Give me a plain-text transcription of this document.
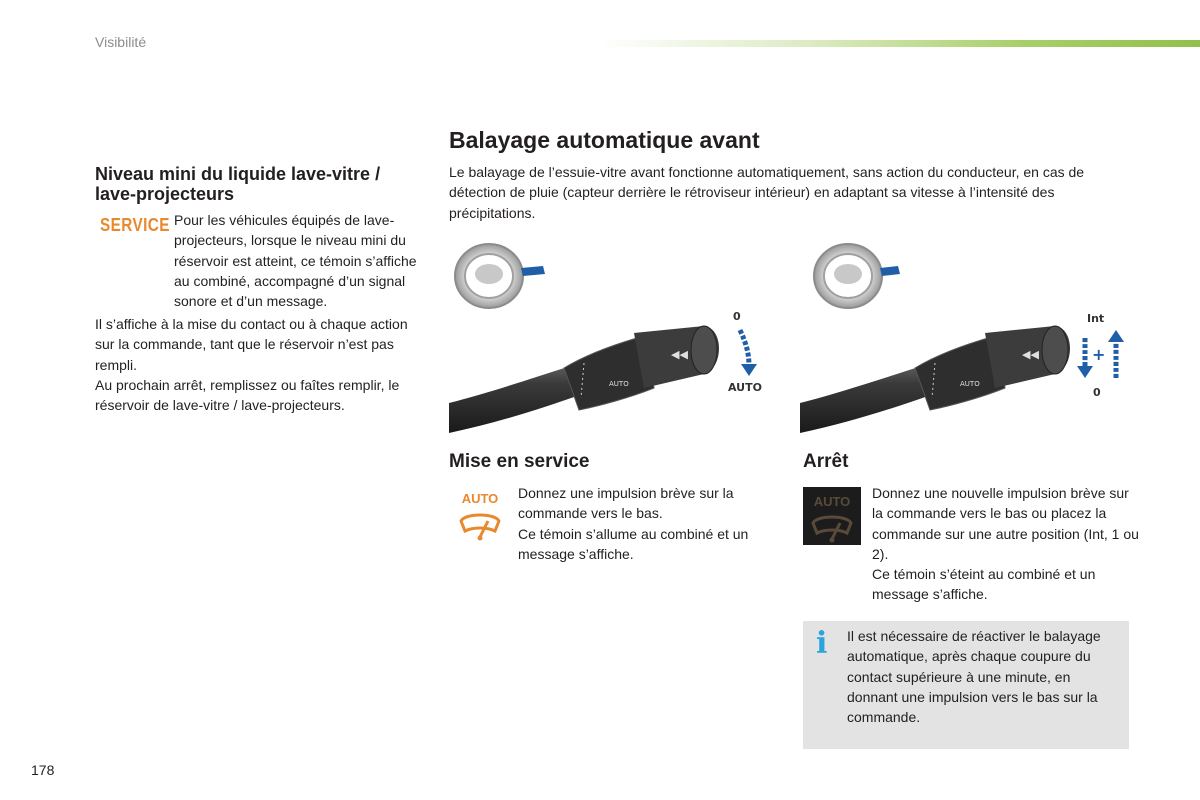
Visibilité
Niveau mini du liquide lave-vitre / lave-projecteurs
SERVICE Pour les véhicules équipés de lave-projecteurs, lorsque le niveau mini du réservoir est atteint, ce témoin s’affiche au combiné, accompagné d’un signal sonore et d’un message.

Il s’affiche à la mise du contact ou à chaque action sur la commande, tant que le réservoir n’est pas rempli.

Au prochain arrêt, remplissez ou faîtes remplir, le réservoir de lave-vitre / lave-projecteurs.

Balayage automatique avant
Le balayage de l’essuie-vitre avant fonctionne automatiquement, sans action du conducteur, en cas de détection de pluie (capteur derrière le rétroviseur intérieur) en adaptant sa vitesse à l’intensité des précipitations.
◀◀
AUTO
0
AUTO
◀◀
AUTO
Int
+
0
Mise en service
AUTO Donnez une impulsion brève sur la commande vers le bas.

Ce témoin s’allume au combiné et un message s’affiche.

Arrêt
AUTO

Donnez une nouvelle impulsion brève sur la commande vers le bas ou placez la commande sur une autre position (Int, 1 ou 2).

Ce témoin s’éteint au combiné et un message s’affiche.

i Il est nécessaire de réactiver le balayage automatique, après chaque coupure du contact supérieure à une minute, en donnant une impulsion vers le bas sur la commande.
178
